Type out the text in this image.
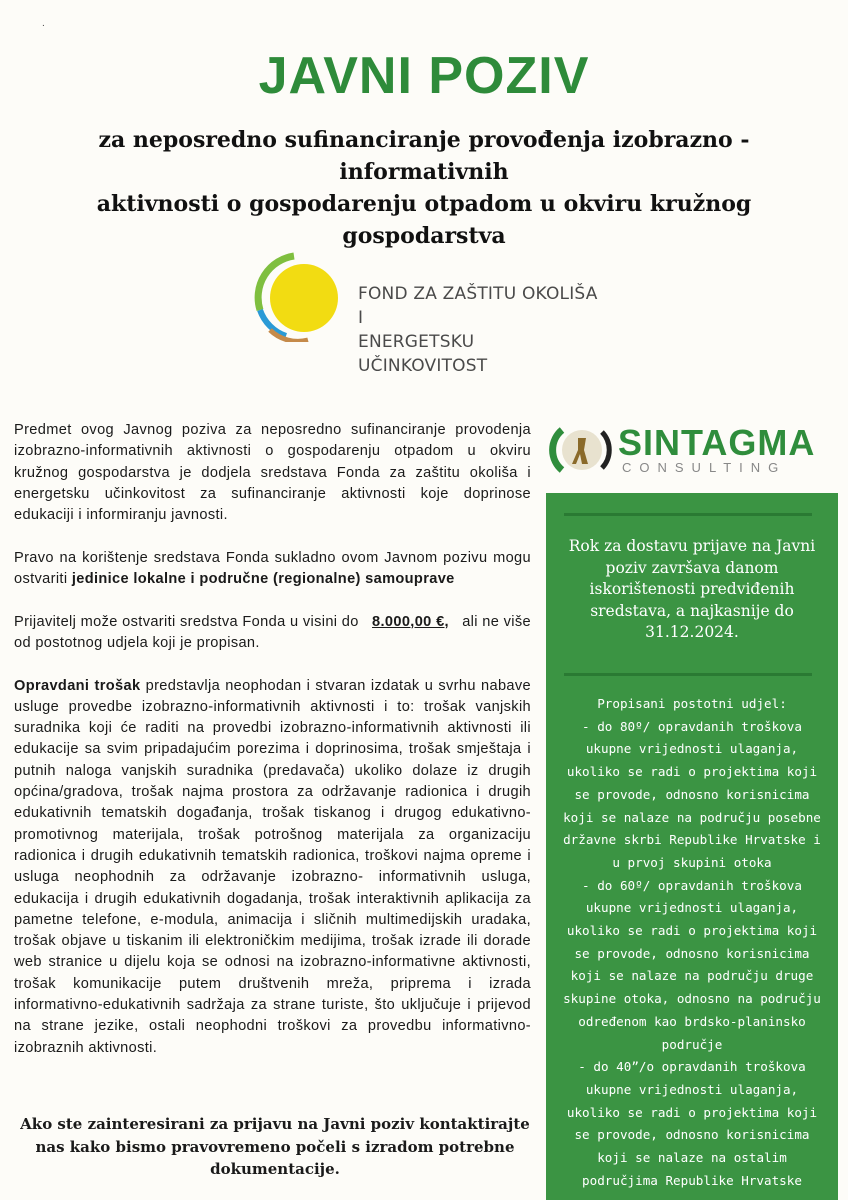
.
JAVNI POZIV
za neposredno sufinanciranje provođenja izobrazno - informativnih
aktivnosti o gospodarenju otpadom u okviru kružnog gospodarstva
FOND ZA ZAŠTITU OKOLIŠA I
ENERGETSKU UČINKOVITOST

Predmet ovog Javnog poziva za neposredno sufinanciranje provodenja izobrazno-informativnih aktivnosti o gospodarenju otpadom u okviru kružnog gospodarstva je dodjela sredstava Fonda za zaštitu okoliša i energetsku učinkovitost za sufinanciranje aktivnosti koje doprinose edukaciji i informiranju javnosti.

Pravo na korištenje sredstava Fonda sukladno ovom Javnom pozivu mogu ostvariti jedinice lokalne i područne (regionalne) samouprave

Prijavitelj može ostvariti sredstva Fonda u visini do   8.000,00 €,   ali ne više od postotnog udjela koji je propisan.

Opravdani trošak predstavlja neophodan i stvaran izdatak u svrhu nabave usluge provedbe izobrazno-informativnih aktivnosti i to: trošak vanjskih suradnika koji će raditi na provedbi izobrazno-informativnih aktivnosti ili edukacije sa svim pripadajućim porezima i doprinosima, trošak smještaja i putnih naloga vanjskih suradnika (predavača) ukoliko dolaze iz drugih općina/gradova, trošak najma prostora za održavanje radionica i drugih edukativnih tematskih događanja, trošak tiskanog i drugog edukativno-promotivnog materijala, trošak potrošnog materijala za organizaciju radionica i drugih edukativnih tematskih radionica, troškovi najma opreme i usluga neophodnih za održavanje izobrazno- informativnih usluga, edukacija i drugih edukativnih dogadanja, trošak interaktivnih aplikacija za pametne telefone, e-modula, animacija i sličnih multimedijskih uradaka, trošak objave u tiskanim ili elektroničkim medijima, trošak izrade ili dorade web stranice u dijelu koja se odnosi na izobrazno-informativne aktivnosti, trošak komunikacije putem društvenih mreža, priprema i izrada informativno-edukativnih sadržaja za strane turiste, što uključuje i prijevod na strane jezike, ostali neophodni troškovi za provedbu informativno-izobraznih aktivnosti.

Ako ste zainteresirani za prijavu na Javni poziv kontaktirajte nas kako bismo pravovremeno počeli s izradom potrebne dokumentacije.
SINTAGMA
CONSULTING
Rok za dostavu prijave na Javni poziv završava danom iskorištenosti predviđenih sredstava, a najkasnije do 31.12.2024.
Propisani postotni udjel:
- do 80º/ opravdanih troškova ukupne vrijednosti ulaganja, ukoliko se radi o projektima koji se provode, odnosno korisnicima koji se nalaze na području posebne državne skrbi Republike Hrvatske i u prvoj skupini otoka
- do 60º/ opravdanih troškova ukupne vrijednosti ulaganja, ukoliko se radi o projektima koji se provode, odnosno korisnicima koji se nalaze na području druge skupine otoka, odnosno na području određenom kao brdsko-planinsko područje
- do 40”/o opravdanih troškova ukupne vrijednosti ulaganja, ukoliko se radi o projektima koji se provode, odnosno korisnicima koji se nalaze na ostalim područjima Republike Hrvatske
